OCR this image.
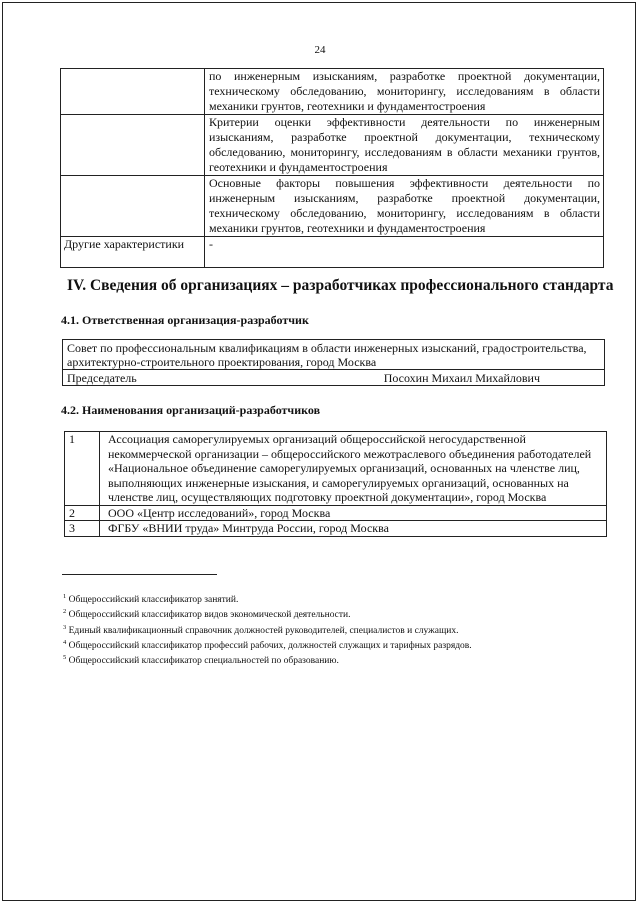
24

	по инженерным изысканиям, разработке проектной документации, техническому обследованию, мониторингу, исследованиям в области механики грунтов, геотехники и фундаментостроения

	Критерии оценки эффективности деятельности по инженерным изысканиям, разработке проектной документации, техническому обследованию, мониторингу, исследованиям в области механики грунтов, геотехники и фундаментостроения

	Основные факторы повышения эффективности деятельности по инженерным изысканиям, разработке проектной документации, техническому обследованию, мониторингу, исследованиям в области механики грунтов, геотехники и фундаментостроения

Другие характеристики	-
IV. Сведения об организациях – разработчиках профессионального стандарта
4.1. Ответственная организация-разработчик
Совет по профессиональным квалификациям в области инженерных изысканий, градостроительства, архитектурно-строительного проектирования, город Москва
Председатель	Посохин Михаил Михайлович
4.2. Наименования организаций-разработчиков
1	Ассоциация саморегулируемых организаций общероссийской негосударственной некоммерческой организации – общероссийского межотраслевого объединения работодателей «Национальное объединение саморегулируемых организаций, основанных на членстве лиц, выполняющих инженерные изыскания, и саморегулируемых организаций, основанных на членстве лиц, осуществляющих подготовку проектной документации», город Москва
2	ООО «Центр исследований», город Москва
3	ФГБУ «ВНИИ труда» Минтруда России, город Москва
$^1$ Общероссийский классификатор занятий.
$^2$ Общероссийский классификатор видов экономической деятельности.
$^3$ Единый квалификационный справочник должностей руководителей, специалистов и служащих.
$^4$ Общероссийский классификатор профессий рабочих, должностей служащих и тарифных разрядов.
$^5$ Общероссийский классификатор специальностей по образованию.
